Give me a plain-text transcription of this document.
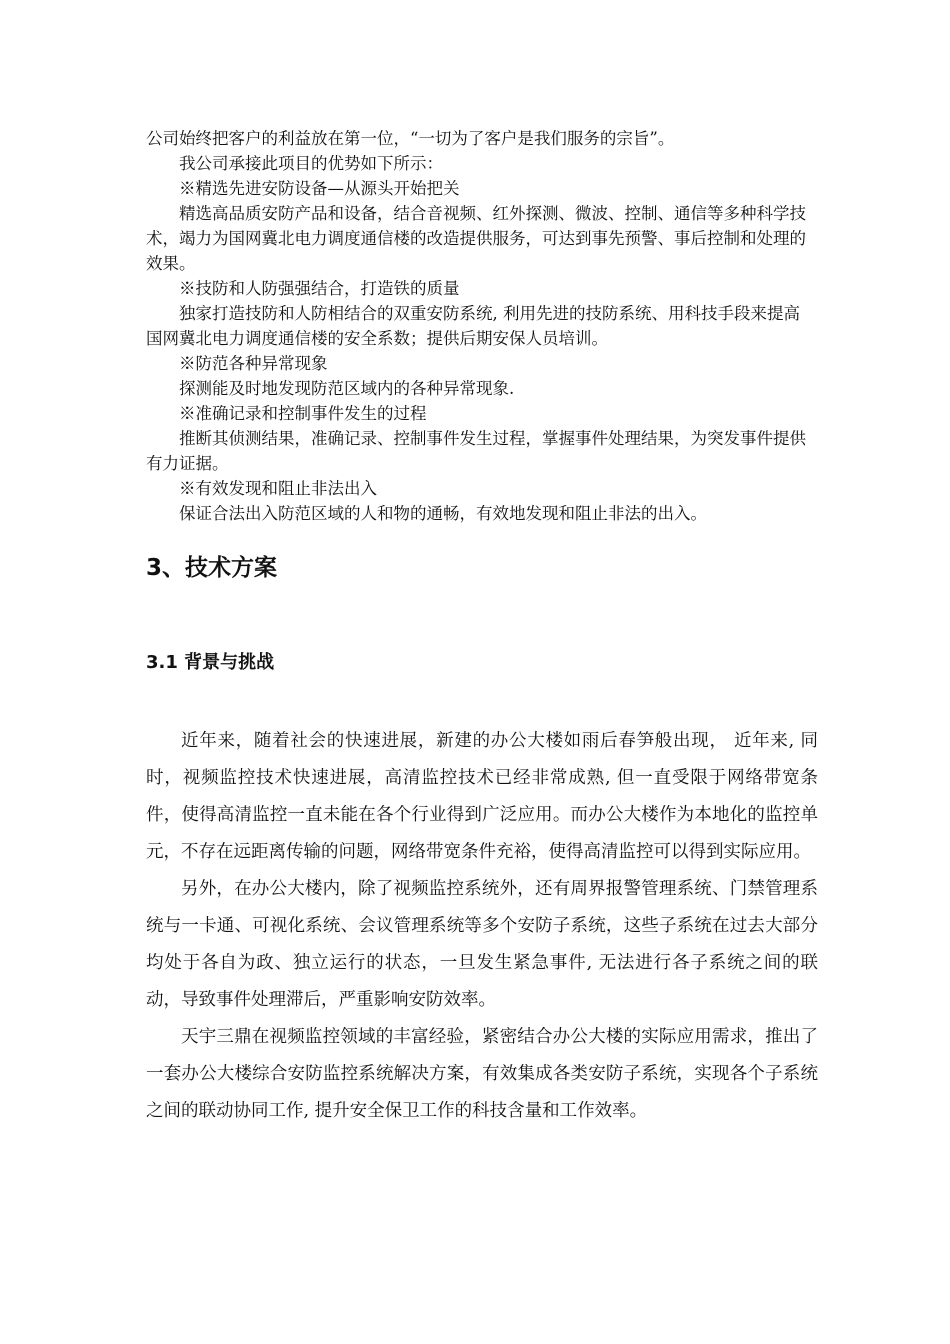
公司始终把客户的利益放在第一位，“一切为了客户是我们服务的宗旨”。

我公司承接此项目的优势如下所示：

※精选先进安防设备—从源头开始把关

精选高品质安防产品和设备，结合音视频、红外探测、微波、控制、通信等多种科学技术，竭力为国网冀北电力调度通信楼的改造提供服务，可达到事先预警、事后控制和处理的效果。

※技防和人防强强结合，打造铁的质量

独家打造技防和人防相结合的双重安防系统, 利用先进的技防系统、用科技手段来提高国网冀北电力调度通信楼的安全系数；提供后期安保人员培训。

※防范各种异常现象

探测能及时地发现防范区域内的各种异常现象.

※准确记录和控制事件发生的过程

推断其侦测结果，准确记录、控制事件发生过程，掌握事件处理结果，为突发事件提供有力证据。

※有效发现和阻止非法出入

保证合法出入防范区域的人和物的通畅，有效地发现和阻止非法的出入。

3、技术方案
3.1 背景与挑战

近年来，随着社会的快速进展，新建的办公大楼如雨后春笋般出现， 近年来, 同时，视频监控技术快速进展，高清监控技术已经非常成熟, 但一直受限于网络带宽条件，使得高清监控一直未能在各个行业得到广泛应用。而办公大楼作为本地化的监控单元，不存在远距离传输的问题，网络带宽条件充裕，使得高清监控可以得到实际应用。

另外，在办公大楼内，除了视频监控系统外，还有周界报警管理系统、门禁管理系统与一卡通、可视化系统、会议管理系统等多个安防子系统，这些子系统在过去大部分均处于各自为政、独立运行的状态，一旦发生紧急事件, 无法进行各子系统之间的联动，导致事件处理滞后，严重影响安防效率。

天宇三鼎在视频监控领域的丰富经验，紧密结合办公大楼的实际应用需求，推出了一套办公大楼综合安防监控系统解决方案，有效集成各类安防子系统，实现各个子系统之间的联动协同工作, 提升安全保卫工作的科技含量和工作效率。
